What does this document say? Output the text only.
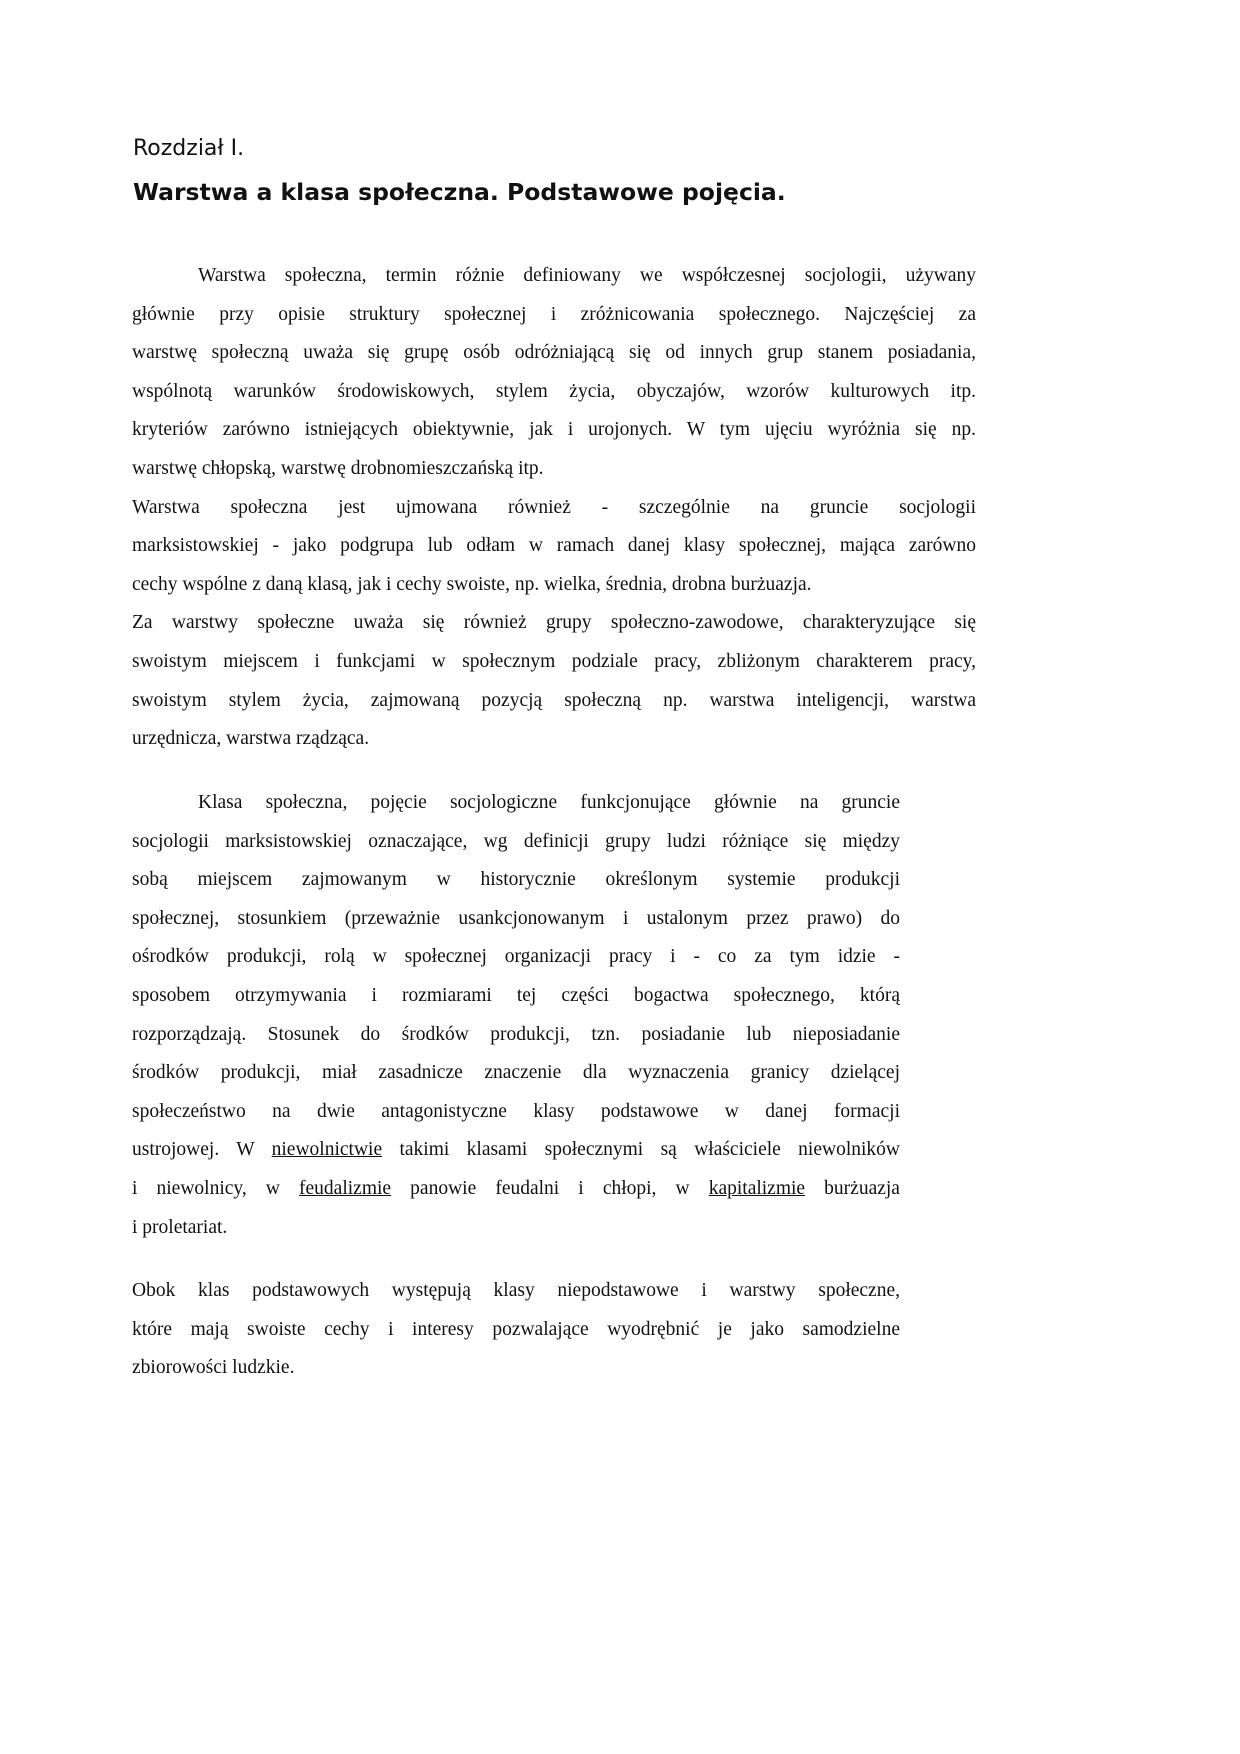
Rozdział I.
Warstwa a klasa społeczna. Podstawowe pojęcia.
Warstwa społeczna, termin różnie definiowany we współczesnej socjologii, używany
głównie przy opisie struktury społecznej i zróżnicowania społecznego. Najczęściej za
warstwę społeczną uważa się grupę osób odróżniającą się od innych grup stanem posiadania,
wspólnotą warunków środowiskowych, stylem życia, obyczajów, wzorów kulturowych itp.
kryteriów zarówno istniejących obiektywnie, jak i urojonych. W tym ujęciu wyróżnia się np.
warstwę chłopską, warstwę drobnomieszczańską itp.
Warstwa społeczna jest ujmowana również - szczególnie na gruncie socjologii
marksistowskiej - jako podgrupa lub odłam w ramach danej klasy społecznej, mająca zarówno
cechy wspólne z daną klasą, jak i cechy swoiste, np. wielka, średnia, drobna burżuazja.
Za warstwy społeczne uważa się również grupy społeczno-zawodowe, charakteryzujące się
swoistym miejscem i funkcjami w społecznym podziale pracy, zbliżonym charakterem pracy,
swoistym stylem życia, zajmowaną pozycją społeczną np. warstwa inteligencji, warstwa
urzędnicza, warstwa rządząca.
Klasa społeczna, pojęcie socjologiczne funkcjonujące głównie na gruncie
socjologii marksistowskiej oznaczające, wg definicji grupy ludzi różniące się między
sobą miejscem zajmowanym w historycznie określonym systemie produkcji
społecznej, stosunkiem (przeważnie usankcjonowanym i ustalonym przez prawo) do
ośrodków produkcji, rolą w społecznej organizacji pracy i - co za tym idzie -
sposobem otrzymywania i rozmiarami tej części bogactwa społecznego, którą
rozporządzają. Stosunek do środków produkcji, tzn. posiadanie lub nieposiadanie
środków produkcji, miał zasadnicze znaczenie dla wyznaczenia granicy dzielącej
społeczeństwo na dwie antagonistyczne klasy podstawowe w danej formacji
ustrojowej. W niewolnictwie takimi klasami społecznymi są właściciele niewolników
i niewolnicy, w feudalizmie panowie feudalni i chłopi, w kapitalizmie burżuazja
i proletariat.
Obok klas podstawowych występują klasy niepodstawowe i warstwy społeczne,
które mają swoiste cechy i interesy pozwalające wyodrębnić je jako samodzielne
zbiorowości ludzkie.
